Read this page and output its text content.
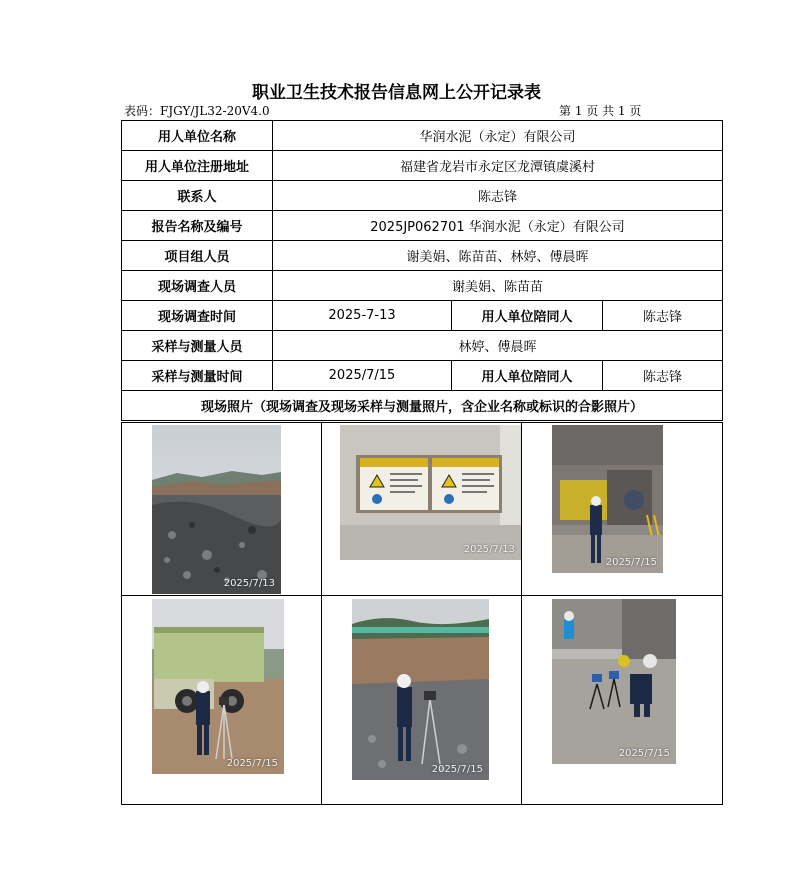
职业卫生技术报告信息网上公开记录表
表码：FJGY/JL32-20V4.0	第 1 页 共 1 页
用人单位名称	华润水泥（永定）有限公司		
用人单位注册地址	福建省龙岩市永定区龙潭镇虞溪村		
联系人	陈志锋		
报告名称及编号	2025JP062701 华润水泥（永定）有限公司		
项目组人员	谢美娟、陈苗苗、林婷、傅晨晖		
现场调查人员	谢美娟、陈苗苗		
现场调查时间	2025-7-13	用人单位陪同人	陈志锋
采样与测量人员	林婷、傅晨晖		
采样与测量时间	2025/7/15	用人单位陪同人	陈志锋
现场照片（现场调查及现场采样与测量照片，含企业名称或标识的合影照片）			
2025/7/13	2025/7/13	2025/7/15

2025/7/15	2025/7/15	2025/7/15
